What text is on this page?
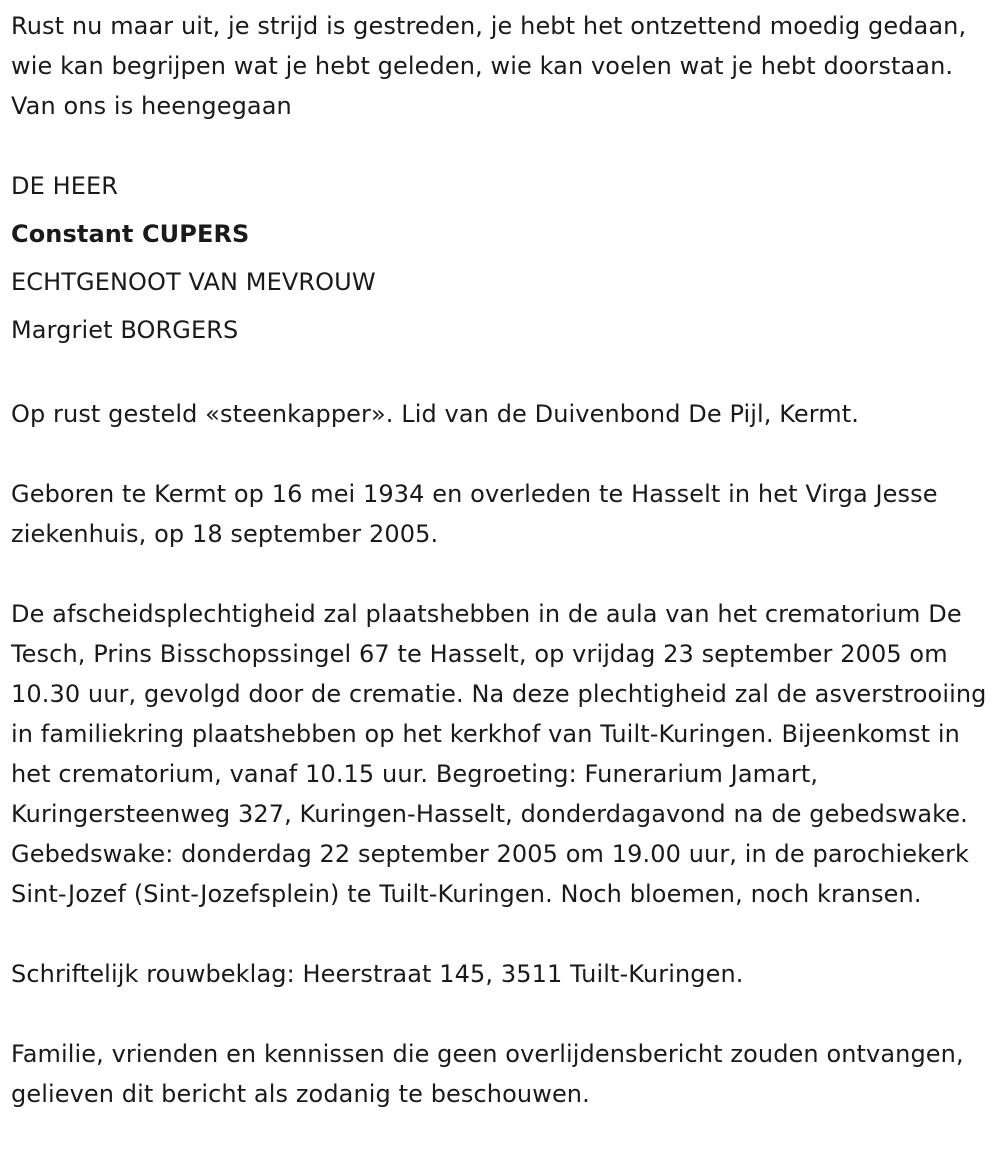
Rust nu maar uit, je strijd is gestreden, je hebt het ontzettend moedig gedaan, wie kan begrijpen wat je hebt geleden, wie kan voelen wat je hebt doorstaan. Van ons is heengegaan

DE HEER

Constant CUPERS

ECHTGENOOT VAN MEVROUW

Margriet BORGERS

Op rust gesteld «steenkapper». Lid van de Duivenbond De Pijl, Kermt.

Geboren te Kermt op 16 mei 1934 en overleden te Hasselt in het Virga Jesse ziekenhuis, op 18 september 2005.

De afscheidsplechtigheid zal plaatshebben in de aula van het crematorium De Tesch, Prins Bisschopssingel 67 te Hasselt, op vrijdag 23 september 2005 om 10.30 uur, gevolgd door de crematie. Na deze plechtigheid zal de asverstrooiing in familiekring plaatshebben op het kerkhof van Tuilt-Kuringen. Bijeenkomst in het crematorium, vanaf 10.15 uur. Begroeting: Funerarium Jamart, Kuringersteenweg 327, Kuringen-Hasselt, donderdagavond na de gebedswake. Gebedswake: donderdag 22 september 2005 om 19.00 uur, in de parochiekerk Sint-Jozef (Sint-Jozefsplein) te Tuilt-Kuringen. Noch bloemen, noch kransen.

Schriftelijk rouwbeklag: Heerstraat 145, 3511 Tuilt-Kuringen.

Familie, vrienden en kennissen die geen overlijdensbericht zouden ontvangen, gelieven dit bericht als zodanig te beschouwen.
